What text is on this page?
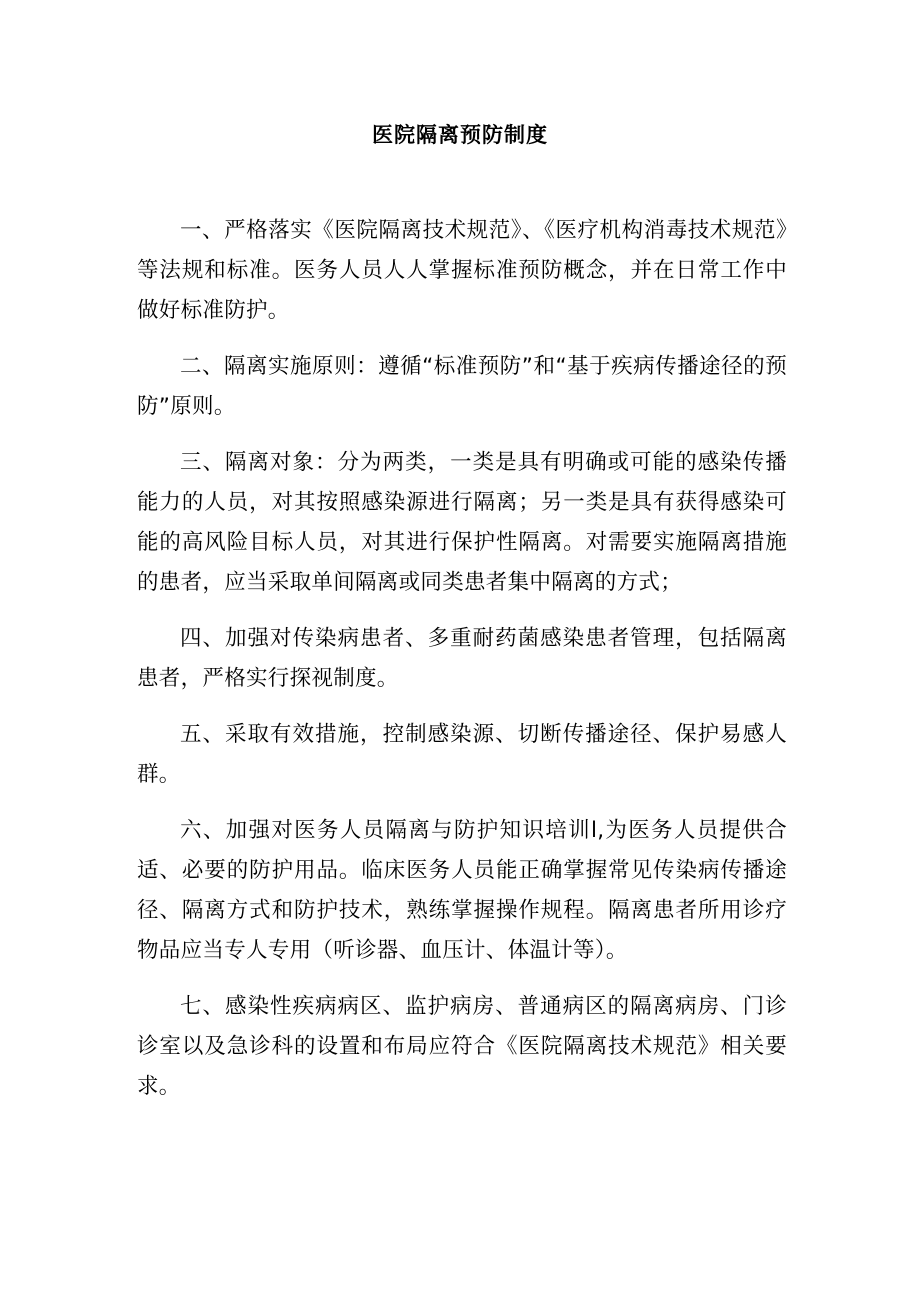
医院隔离预防制度

一、严格落实《医院隔离技术规范》、《医疗机构消毒技术规范》等法规和标准。医务人员人人掌握标准预防概念，并在日常工作中做好标准防护。

二、隔离实施原则：遵循“标准预防”和“基于疾病传播途径的预防”原则。

三、隔离对象：分为两类，一类是具有明确或可能的感染传播能力的人员，对其按照感染源进行隔离；另一类是具有获得感染可能的高风险目标人员，对其进行保护性隔离。对需要实施隔离措施的患者，应当采取单间隔离或同类患者集中隔离的方式；

四、加强对传染病患者、多重耐药菌感染患者管理，包括隔离患者，严格实行探视制度。

五、采取有效措施，控制感染源、切断传播途径、保护易感人群。

六、加强对医务人员隔离与防护知识培训l,为医务人员提供合适、必要的防护用品。临床医务人员能正确掌握常见传染病传播途径、隔离方式和防护技术，熟练掌握操作规程。隔离患者所用诊疗物品应当专人专用（听诊器、血压计、体温计等）。

七、感染性疾病病区、监护病房、普通病区的隔离病房、门诊诊室以及急诊科的设置和布局应符合《医院隔离技术规范》相关要求。
